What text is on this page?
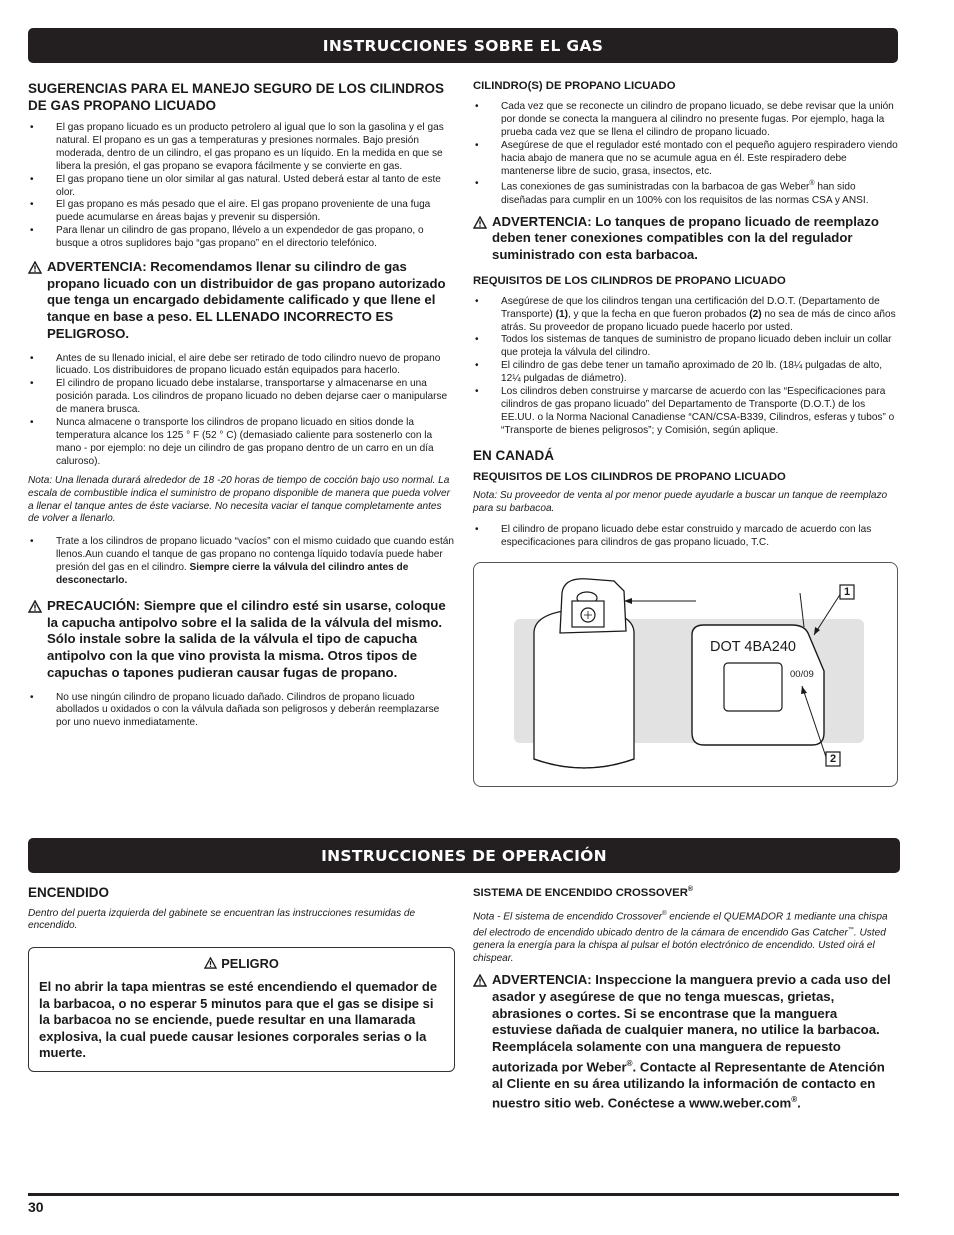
INSTRUCCIONES SOBRE EL GAS
SUGERENCIAS PARA EL MANEJO SEGURO DE LOS CILINDROS DE GAS PROPANO LICUADO
• El gas propano licuado es un producto petrolero al igual que lo son la gasolina y el gas natural. El propano es un gas a temperaturas y presiones normales. Bajo presión moderada, dentro de un cilindro, el gas propano es un líquido. En la medida en que se libera la presión, el gas propano se evapora fácilmente y se convierte en gas.
• El gas propano tiene un olor similar al gas natural. Usted deberá estar al tanto de este olor.
• El gas propano es más pesado que el aire. El gas propano proveniente de una fuga puede acumularse en áreas bajas y prevenir su dispersión.
• Para llenar un cilindro de gas propano, llévelo a un expendedor de gas propano, o busque a otros suplidores bajo “gas propano” en el directorio telefónico.
ADVERTENCIA: Recomendamos llenar su cilindro de gas propano licuado con un distribuidor de gas propano autorizado que tenga un encargado debidamente calificado y que llene el tanque en base a peso. EL LLENADO INCORRECTO ES PELIGROSO.
• Antes de su llenado inicial, el aire debe ser retirado de todo cilindro nuevo de propano licuado. Los distribuidores de propano licuado están equipados para hacerlo.
• El cilindro de propano licuado debe instalarse, transportarse y almacenarse en una posición parada. Los cilindros de propano licuado no deben dejarse caer o manipularse de manera brusca.
• Nunca almacene o transporte los cilindros de propano licuado en sitios donde la temperatura alcance los 125 ° F (52 ° C) (demasiado caliente para sostenerlo con la mano - por ejemplo: no deje un cilindro de gas propano dentro de un carro en un día caluroso).

Nota: Una llenada durará alrededor de 18 -20 horas de tiempo de cocción bajo uso normal. La escala de combustible indica el suministro de propano disponible de manera que pueda volver a llenar el tanque antes de éste vaciarse. No necesita vaciar el tanque completamente antes de volver a llenarlo.

• Trate a los cilindros de propano licuado “vacíos” con el mismo cuidado que cuando están llenos.Aun cuando el tanque de gas propano no contenga líquido todavía puede haber presión del gas en el cilindro. Siempre cierre la válvula del cilindro antes de desconectarlo.
PRECAUCIÓN: Siempre que el cilindro esté sin usarse, coloque la capucha antipolvo sobre el la salida de la válvula del mismo. Sólo instale sobre la salida de la válvula el tipo de capucha antipolvo con la que vino provista la misma. Otros tipos de capuchas o tapones pudieran causar fugas de propano.
• No use ningún cilindro de propano licuado dañado. Cilindros de propano licuado abollados u oxidados o con la válvula dañada son peligrosos y deberán reemplazarse por uno nuevo inmediatamente.
CILINDRO(S) DE PROPANO LICUADO
• Cada vez que se reconecte un cilindro de propano licuado, se debe revisar que la unión por donde se conecta la manguera al cilindro no presente fugas. Por ejemplo, haga la prueba cada vez que se llena el cilindro de propano licuado.
• Asegúrese de que el regulador esté montado con el pequeño agujero respiradero viendo hacia abajo de manera que no se acumule agua en él. Este respiradero debe mantenerse libre de sucio, grasa, insectos, etc.
• Las conexiones de gas suministradas con la barbacoa de gas Weber® han sido diseñadas para cumplir en un 100% con los requisitos de las normas CSA y ANSI.
ADVERTENCIA: Lo tanques de propano licuado de reemplazo deben tener conexiones compatibles con la del regulador suministrado con esta barbacoa.
REQUISITOS DE LOS CILINDROS DE PROPANO LICUADO
• Asegúrese de que los cilindros tengan una certificación del D.O.T. (Departamento de Transporte) (1), y que la fecha en que fueron probados (2) no sea de más de cinco años atrás. Su proveedor de propano licuado puede hacerlo por usted.
• Todos los sistemas de tanques de suministro de propano licuado deben incluir un collar que proteja la válvula del cilindro.
• El cilindro de gas debe tener un tamaño aproximado de 20 lb. (18¼ pulgadas de alto, 12¼ pulgadas de diámetro).
• Los cilindros deben construirse y marcarse de acuerdo con las “Especificaciones para cilindros de gas propano licuado” del Departamento de Transporte (D.O.T.) de los EE.UU. o la Norma Nacional Canadiense “CAN/CSA-B339, Cilindros, esferas y tubos” o “Transporte de bienes peligrosos”; y Comisión, según aplique.
EN CANADÁ
REQUISITOS DE LOS CILINDROS DE PROPANO LICUADO

Nota: Su proveedor de venta al por menor puede ayudarle a buscar un tanque de reemplazo para su barbacoa.

• El cilindro de propano licuado debe estar construido y marcado de acuerdo con las especificaciones para cilindros de gas propano licuado, T.C.
DOT 4BA240
00/09
1
2
INSTRUCCIONES DE OPERACIÓN
ENCENDIDO

Dentro del puerta izquierda del gabinete se encuentran las instrucciones resumidas de encendido.

PELIGRO

El no abrir la tapa mientras se esté encendiendo el quemador de la barbacoa, o no esperar 5 minutos para que el gas se disipe si la barbacoa no se enciende, puede resultar en una llamarada explosiva, la cual puede causar lesiones corporales serias o la muerte.

SISTEMA DE ENCENDIDO CROSSOVER®

Nota - El sistema de encendido Crossover® enciende el QUEMADOR 1 mediante una chispa del electrodo de encendido ubicado dentro de la cámara de encendido Gas Catcher™. Usted genera la energía para la chispa al pulsar el botón electrónico de encendido. Usted oirá el chispear.

ADVERTENCIA: Inspeccione la manguera previo a cada uso del asador y asegúrese de que no tenga muescas, grietas, abrasiones o cortes. Si se encontrase que la manguera estuviese dañada de cualquier manera, no utilice la barbacoa. Reemplácela solamente con una manguera de repuesto autorizada por Weber®. Contacte al Representante de Atención al Cliente en su área utilizando la información de contacto en nuestro sitio web. Conéctese a www.weber.com®.
30
